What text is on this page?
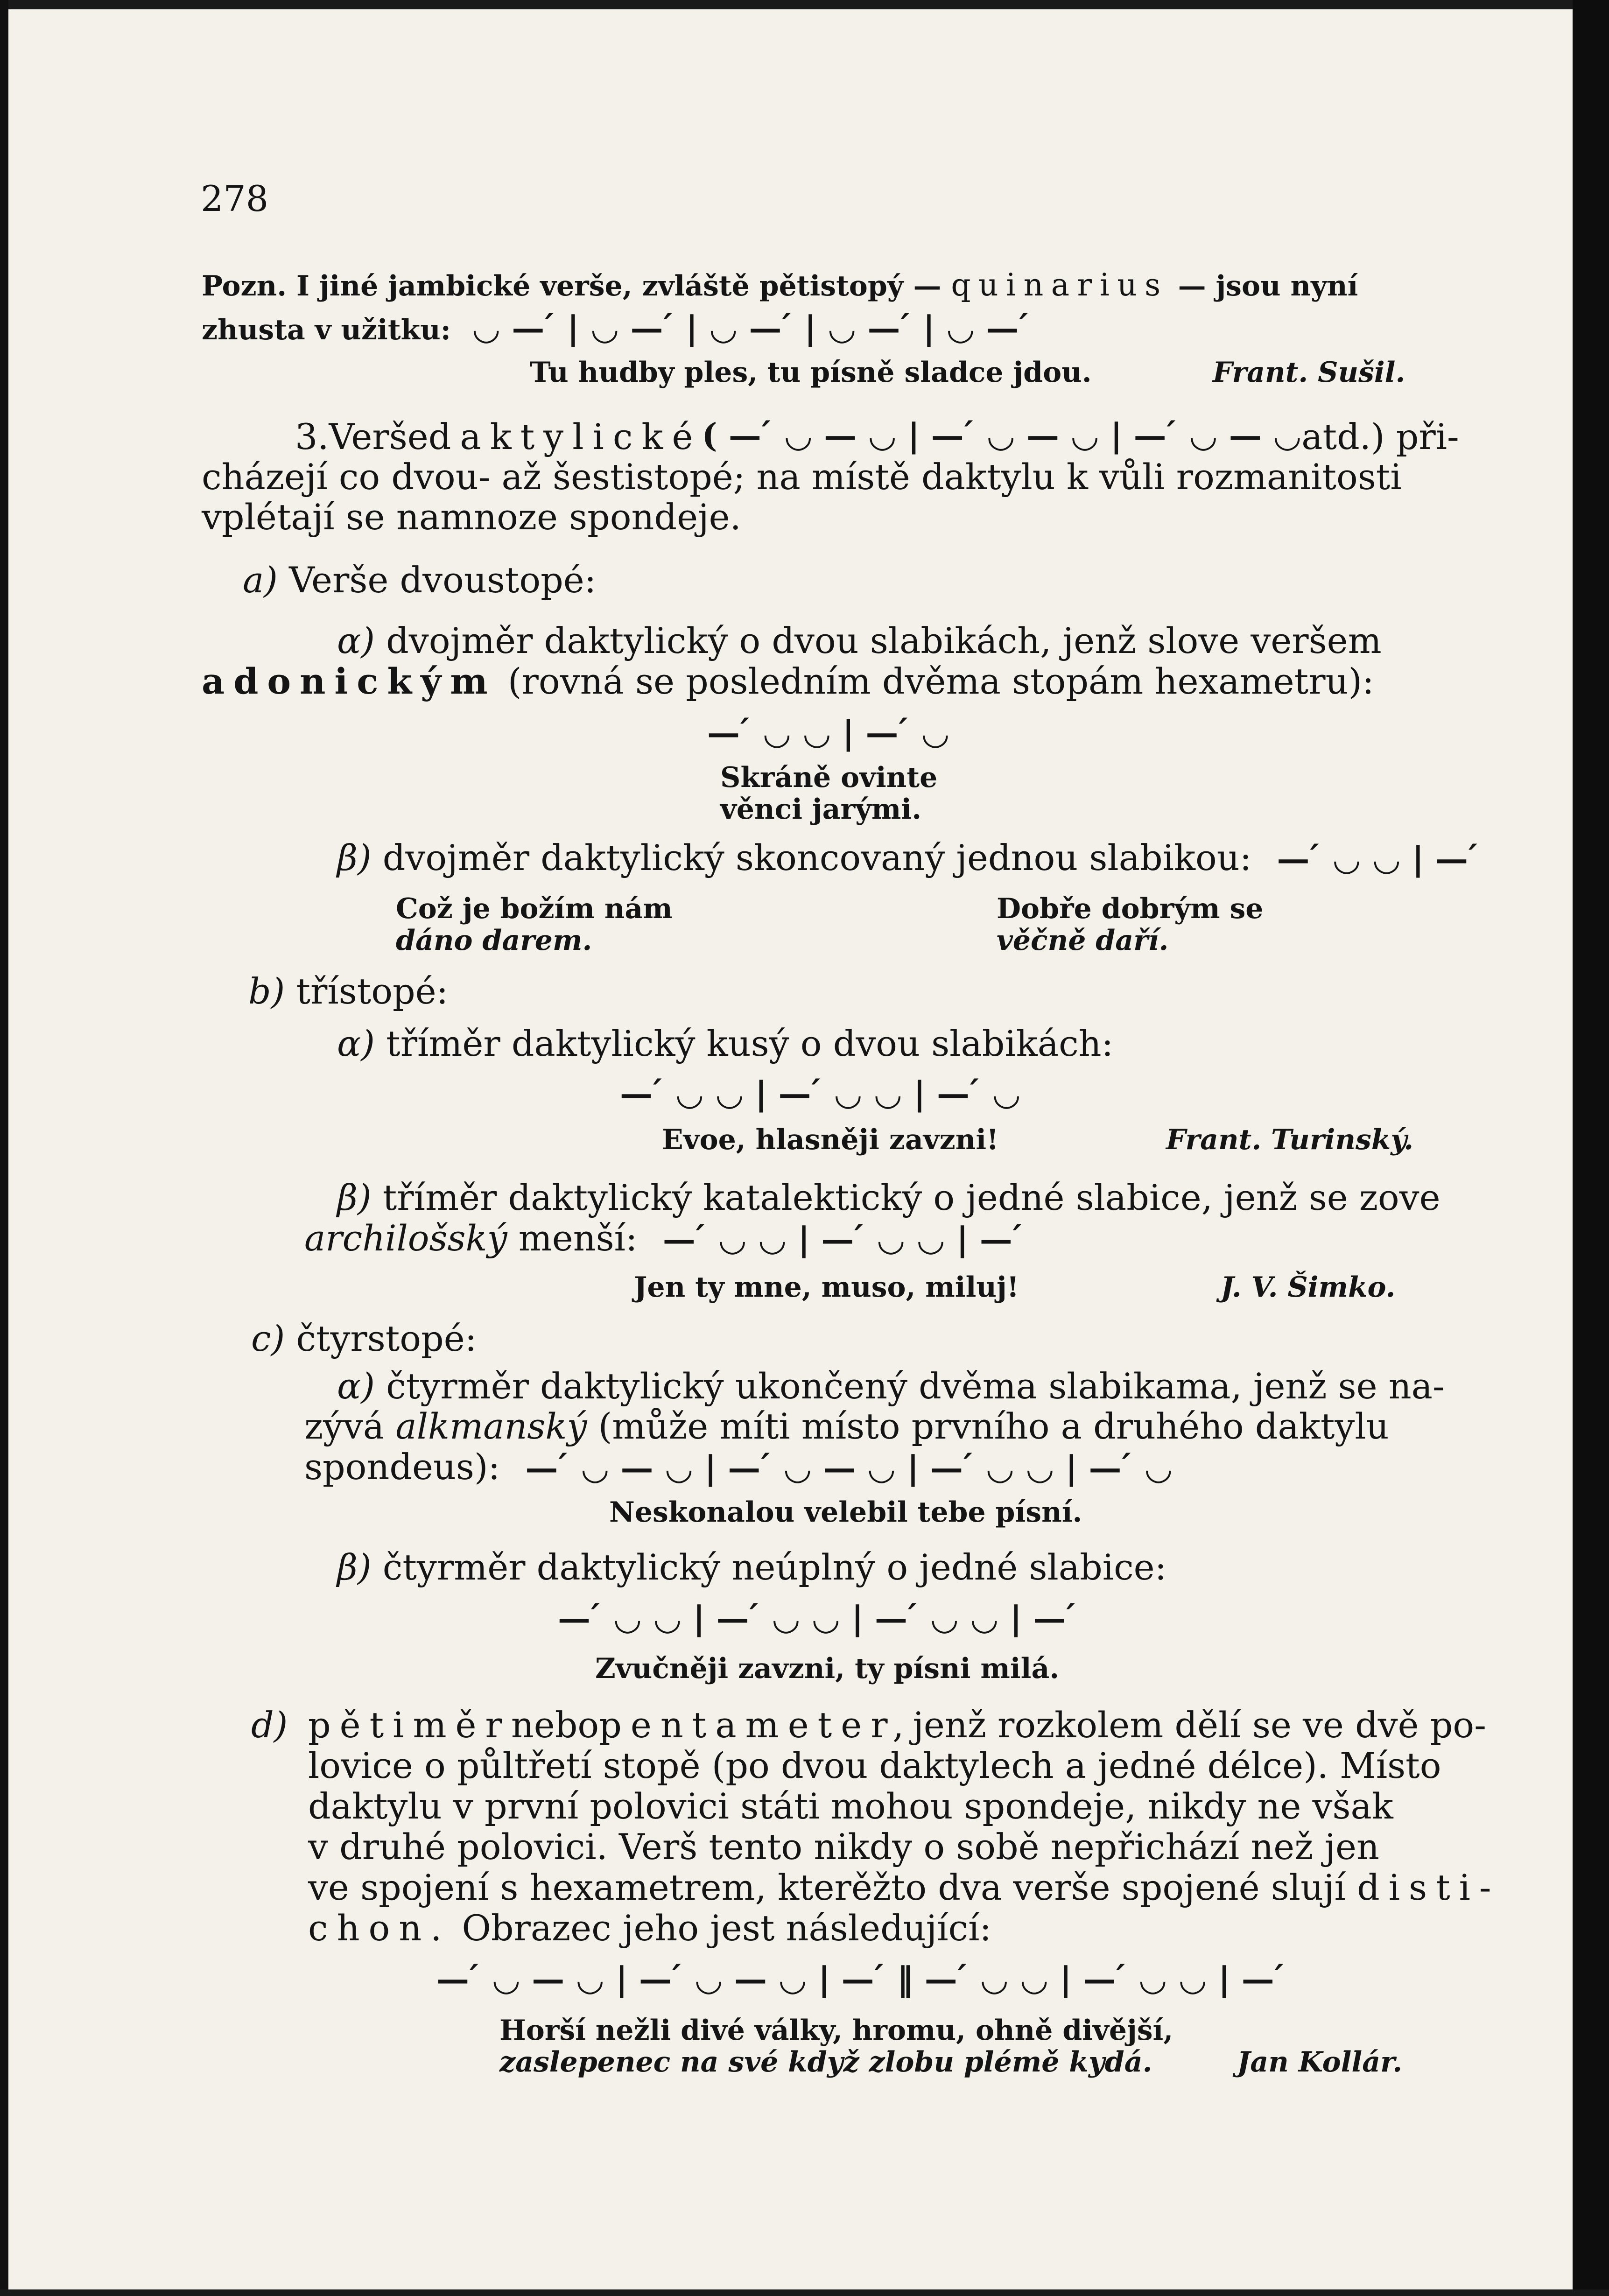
278
Pozn. I jiné jambické verše, zvláště pětistopý — quinarius — jsou nyní
zhusta v užitku: ◡ — ́ | ◡ — ́ | ◡ — ́ | ◡ — ́ | ◡ — ́
Tu hudby ples, tu písně sladce jdou.	Frant. Sušil.
3. Verše daktylické ( — ́ ◡ — ◡ | — ́ ◡ — ◡ | — ́ ◡ — ◡ atd.) při-
cházejí co dvou- až šestistopé; na místě daktylu k vůli rozmanitosti
vplétají se namnoze spondeje.
a) Verše dvoustopé:
α) dvojměr daktylický o dvou slabikách, jenž slove veršem
adonickým (rovná se posledním dvěma stopám hexametru):
— ́ ◡ ◡ | — ́ ◡
Skráně ovinte
věnci jarými.
β) dvojměr daktylický skoncovaný jednou slabikou: — ́ ◡ ◡ | — ́
Což je božím nám
dáno darem.
Dobře dobrým se
věčně daří.
b) třístopé:
α) tříměr daktylický kusý o dvou slabikách:
— ́ ◡ ◡ | — ́ ◡ ◡ | — ́ ◡
Evoe, hlasněji zavzni!	Frant. Turinský.
β) tříměr daktylický katalektický o jedné slabice, jenž se zove
archilošský menší: — ́ ◡ ◡ | — ́ ◡ ◡ | — ́
Jen ty mne, muso, miluj!	J. V. Šimko.
c) čtyrstopé:
α) čtyrměr daktylický ukončený dvěma slabikama, jenž se na-
zývá alkmanský (může míti místo prvního a druhého daktylu
spondeus): — ́ ◡ — ◡ | — ́ ◡ — ◡ | — ́ ◡ ◡ | — ́ ◡
Neskonalou velebil tebe písní.
β) čtyrměr daktylický neúplný o jedné slabice:
— ́ ◡ ◡ | — ́ ◡ ◡ | — ́ ◡ ◡ | — ́
Zvučněji zavzni, ty písni milá.
d) pětiměr nebo pentameter, jenž rozkolem dělí se ve dvě po-
lovice o půltřetí stopě (po dvou daktylech a jedné délce). Místo
daktylu v první polovici státi mohou spondeje, nikdy ne však
v druhé polovici. Verš tento nikdy o sobě nepřichází než jen
ve spojení s hexametrem, kterěžto dva verše spojené slují disti-
chon. Obrazec jeho jest následující:
— ́ ◡ — ◡ | — ́ ◡ — ◡ | — ́ ‖ — ́ ◡ ◡ | — ́ ◡ ◡ | — ́
Horší nežli divé války, hromu, ohně divější,
zaslepenec na své když zlobu plémě kydá.	Jan Kollár.
